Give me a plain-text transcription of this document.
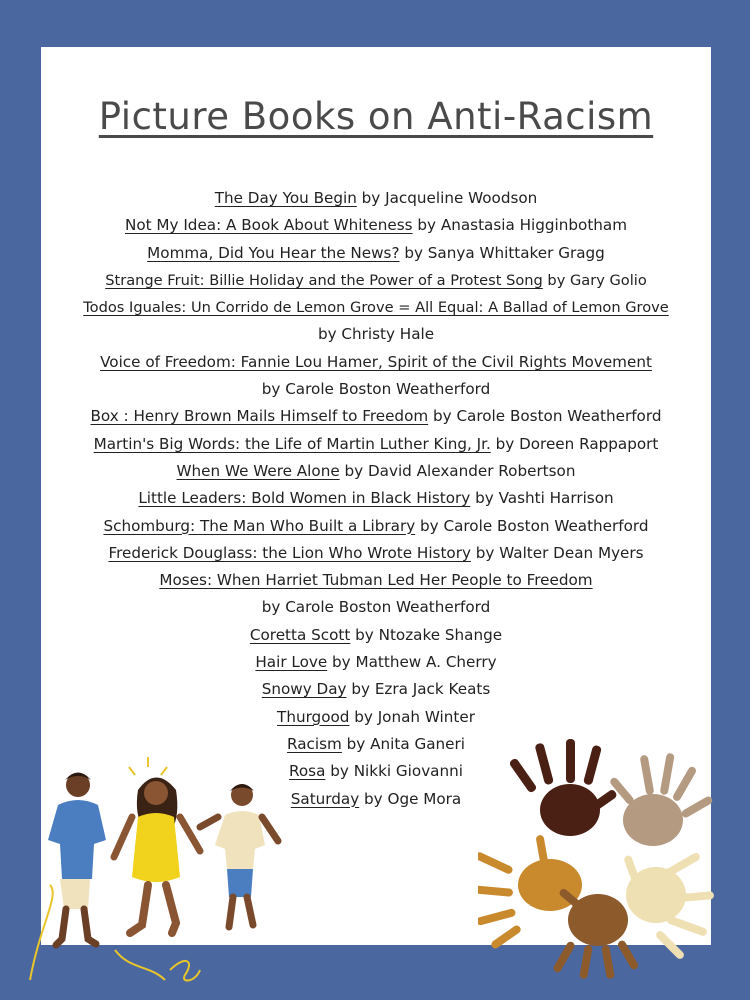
Picture Books on Anti-Racism
The Day You Begin by Jacqueline Woodson
Not My Idea: A Book About Whiteness by Anastasia Higginbotham
Momma, Did You Hear the News? by Sanya Whittaker Gragg
Strange Fruit: Billie Holiday and the Power of a Protest Song by Gary Golio
Todos Iguales: Un Corrido de Lemon Grove = All Equal: A Ballad of Lemon Grove
by Christy Hale
Voice of Freedom: Fannie Lou Hamer, Spirit of the Civil Rights Movement
by Carole Boston Weatherford
Box : Henry Brown Mails Himself to Freedom by Carole Boston Weatherford
Martin's Big Words: the Life of Martin Luther King, Jr. by Doreen Rappaport
When We Were Alone by David Alexander Robertson
Little Leaders: Bold Women in Black History by Vashti Harrison
Schomburg: The Man Who Built a Library by Carole Boston Weatherford
Frederick Douglass: the Lion Who Wrote History by Walter Dean Myers
Moses: When Harriet Tubman Led Her People to Freedom
by Carole Boston Weatherford
Coretta Scott by Ntozake Shange
Hair Love by Matthew A. Cherry
Snowy Day by Ezra Jack Keats
Thurgood by Jonah Winter
Racism by Anita Ganeri
Rosa by Nikki Giovanni
Saturday by Oge Mora
